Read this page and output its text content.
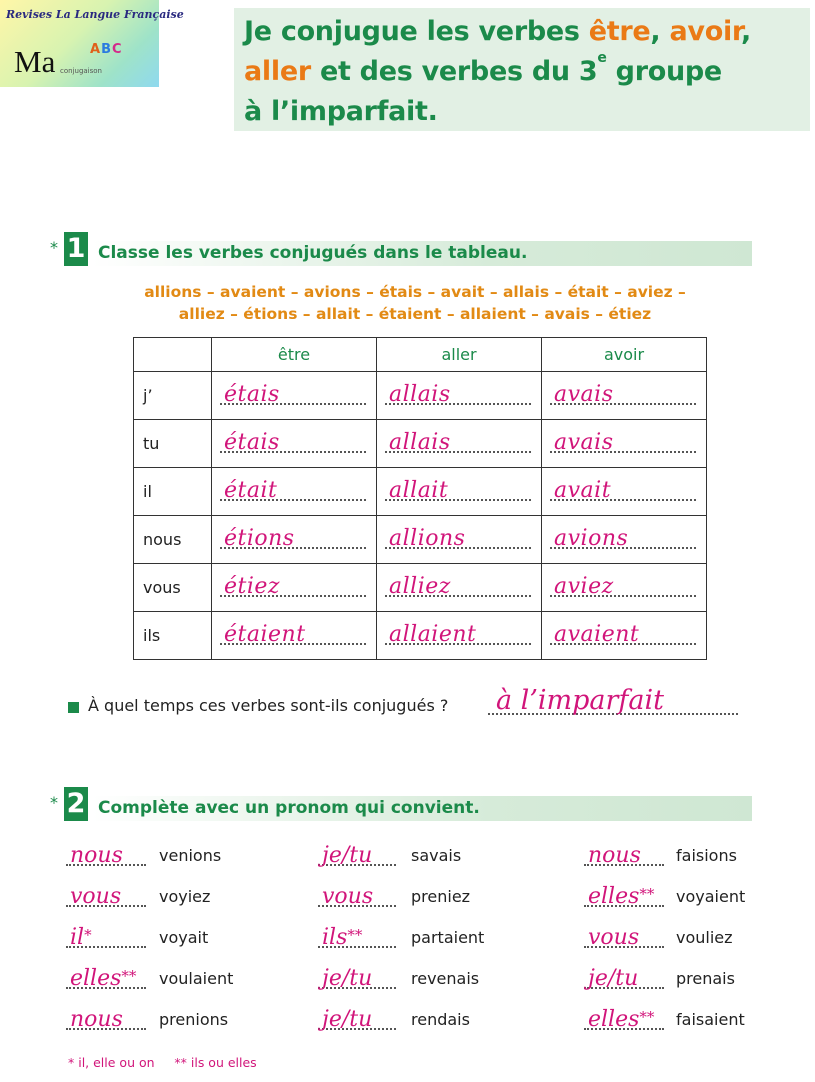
Revises La Langue Française
Ma	ABC
conjugaison
Je conjugue les verbes être, avoir,
aller et des verbes du 3e groupe
à l’imparfait.
* 1 Classe les verbes conjugués dans le tableau.
allions – avaient – avions – étais – avait – allais – était – aviez –
alliez – étions – allait – étaient – allaient – avais – étiez
	être	aller	avoir
j’	étais	allais	avais

tu	étais	allais	avais

il	était	allait	avait

nous	étions	allions	avions

vous	étiez	alliez	aviez

ils	étaient	allaient	avaient
À quel temps ces verbes sont-ils conjugués ? à l’imparfait
* 2 Complète avec un pronom qui convient.
nous venions
vous voyiez
il*	voyait
elles** voulaient
nous prenions
je/tu savais
vous preniez
ils**	partaient
je/tu revenais
je/tu rendais
nous faisions
elles** voyaient
vous vouliez
je/tu prenais
elles** faisaient
* il, elle ou on     ** ils ou elles
